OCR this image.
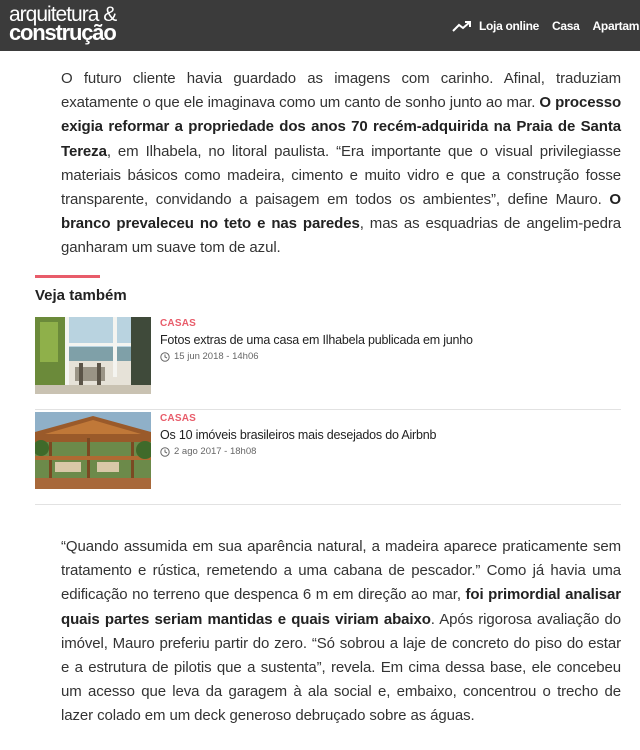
arquitetura &
construção	Loja online Casa Apartam

O futuro cliente havia guardado as imagens com carinho. Afinal, traduziam exatamente o que ele imaginava como um canto de sonho junto ao mar. O processo exigia reformar a propriedade dos anos 70 recém-adquirida na Praia de Santa Tereza, em Ilhabela, no litoral paulista. “Era importante que o visual privilegiasse materiais básicos como madeira, cimento e muito vidro e que a construção fosse transparente, convidando a paisagem em todos os ambientes”, define Mauro. O branco prevaleceu no teto e nas paredes, mas as esquadrias de angelim-pedra ganharam um suave tom de azul.

Veja também
CASAS
Fotos extras de uma casa em Ilhabela publicada em junho
15 jun 2018 - 14h06
CASAS
Os 10 imóveis brasileiros mais desejados do Airbnb
2 ago 2017 - 18h08

“Quando assumida em sua aparência natural, a madeira aparece praticamente sem tratamento e rústica, remetendo a uma cabana de pescador.” Como já havia uma edificação no terreno que despenca 6 m em direção ao mar, foi primordial analisar quais partes seriam mantidas e quais viriam abaixo. Após rigorosa avaliação do imóvel, Mauro preferiu partir do zero. “Só sobrou a laje de concreto do piso do estar e a estrutura de pilotis que a sustenta”, revela. Em cima dessa base, ele concebeu um acesso que leva da garagem à ala social e, embaixo, concentrou o trecho de lazer colado em um deck generoso debruçado sobre as águas.
